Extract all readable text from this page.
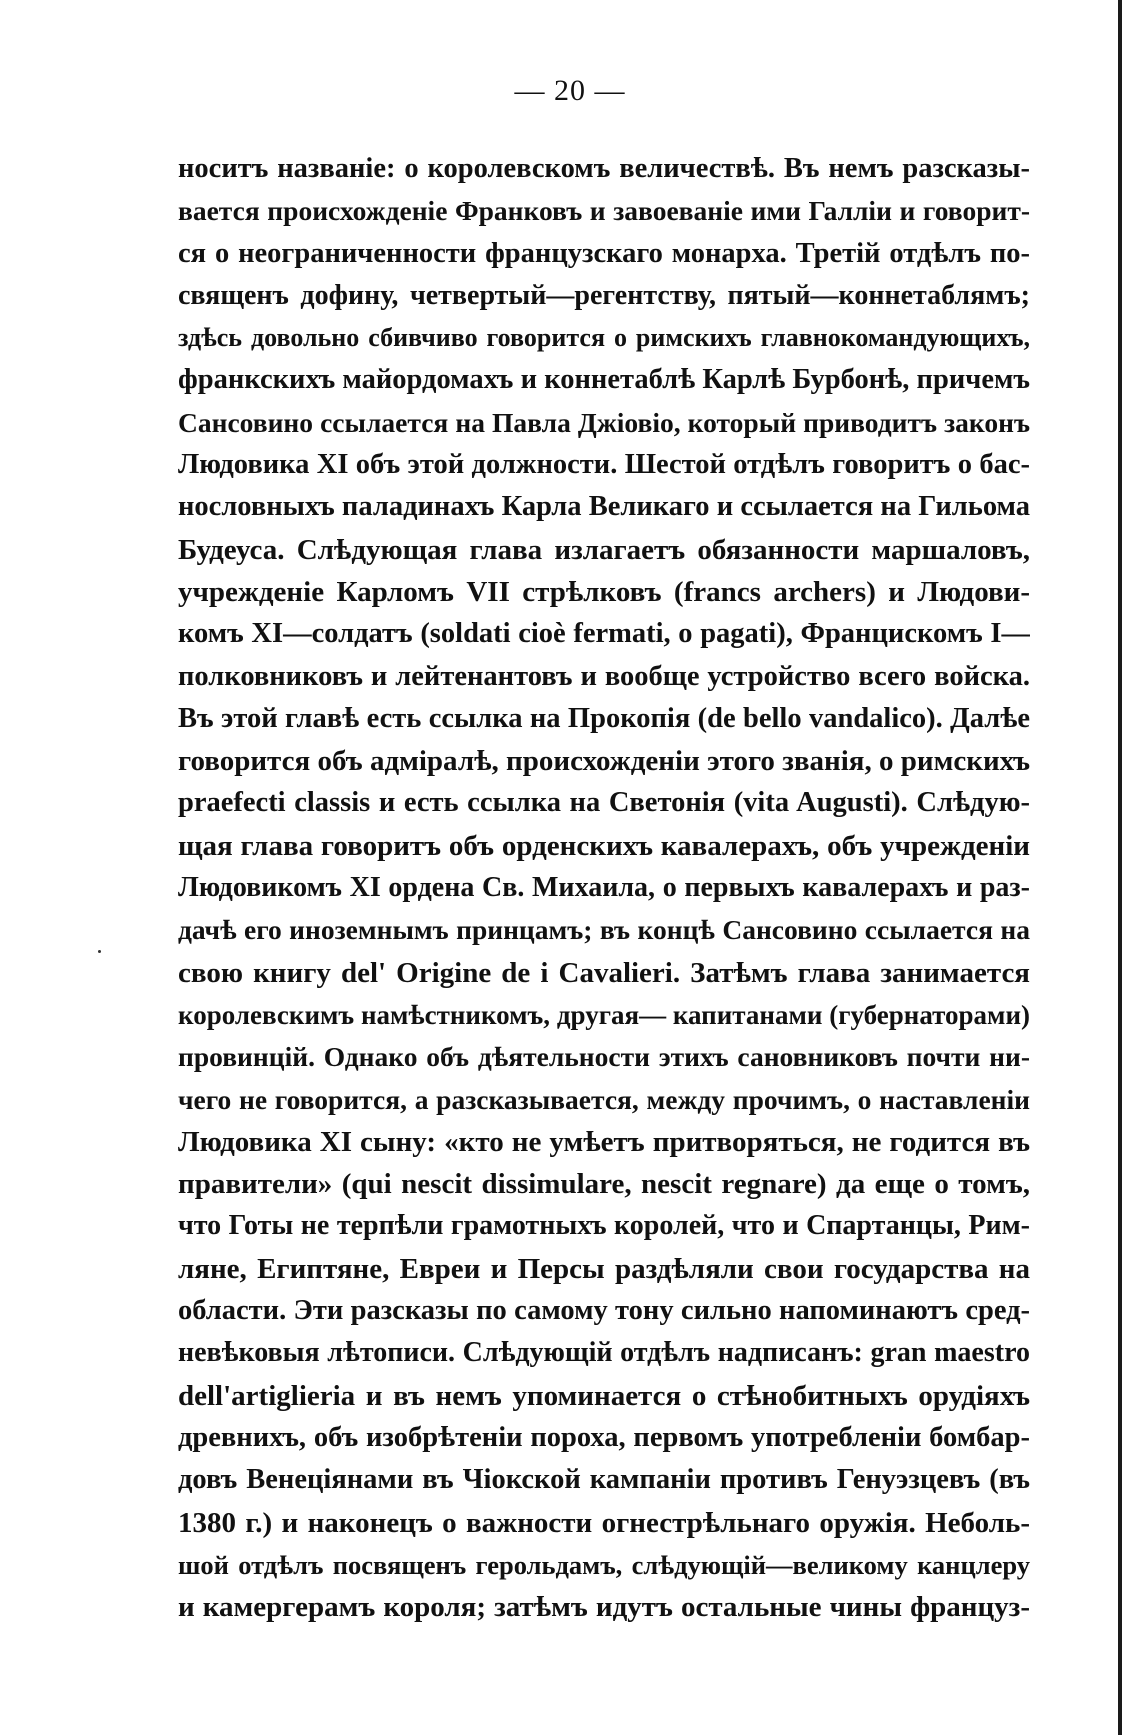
— 20 —
носитъ названіе: о королевскомъ величествѣ. Въ немъ разсказы-
вается происхожденіе Франковъ и завоеваніе ими Галліи и говорит-
ся о неограниченности французскаго монарха. Третій отдѣлъ по-
священъ дофину, четвертый—регентству, пятый—коннетаблямъ;
здѣсь довольно сбивчиво говорится о римскихъ главнокомандующихъ,
франкскихъ майордомахъ и коннетаблѣ Карлѣ Бурбонѣ, причемъ
Сансовино ссылается на Павла Джіовіо, который приводитъ законъ
Людовика XI объ этой должности. Шестой отдѣлъ говоритъ о бас-
нословныхъ паладинахъ Карла Великаго и ссылается на Гильома
Будеуса. Слѣдующая глава излагаетъ обязанности маршаловъ,
учрежденіе Карломъ VII стрѣлковъ (francs archers) и Людови-
комъ XI—солдатъ (soldati cioè fermati, o pagati), Францискомъ I—
полковниковъ и лейтенантовъ и вообще устройство всего войска.
Въ этой главѣ есть ссылка на Прокопія (de bello vandalico). Далѣе
говорится объ адміралѣ, происхожденіи этого званія, о римскихъ
praefecti classis и есть ссылка на Светонія (vita Augusti). Слѣдую-
щая глава говоритъ объ орденскихъ кавалерахъ, объ учрежденіи
Людовикомъ XI ордена Св. Михаила, о первыхъ кавалерахъ и раз-
дачѣ его иноземнымъ принцамъ; въ концѣ Сансовино ссылается на
свою книгу del' Origine de i Cavalieri. Затѣмъ глава занимается
королевскимъ намѣстникомъ, другая— капитанами (губернаторами)
провинцій. Однако объ дѣятельности этихъ сановниковъ почти ни-
чего не говорится, а разсказывается, между прочимъ, о наставленіи
Людовика XI сыну: «кто не умѣетъ притворяться, не годится въ
правители» (qui nescit dissimulare, nescit regnare) да еще о томъ,
что Готы не терпѣли грамотныхъ королей, что и Спартанцы, Рим-
ляне, Египтяне, Евреи и Персы раздѣляли свои государства на
области. Эти разсказы по самому тону сильно напоминаютъ сред-
невѣковыя лѣтописи. Слѣдующій отдѣлъ надписанъ: gran maestro
dell'artiglieria и въ немъ упоминается о стѣнобитныхъ орудіяхъ
древнихъ, объ изобрѣтеніи пороха, первомъ употребленіи бомбар-
довъ Венеціянами въ Чіокской кампаніи противъ Генуэзцевъ (въ
1380 г.) и наконецъ о важности огнестрѣльнаго оружія. Неболь-
шой отдѣлъ посвященъ герольдамъ, слѣдующій—великому канцлеру
и камергерамъ короля; затѣмъ идутъ остальные чины француз-
